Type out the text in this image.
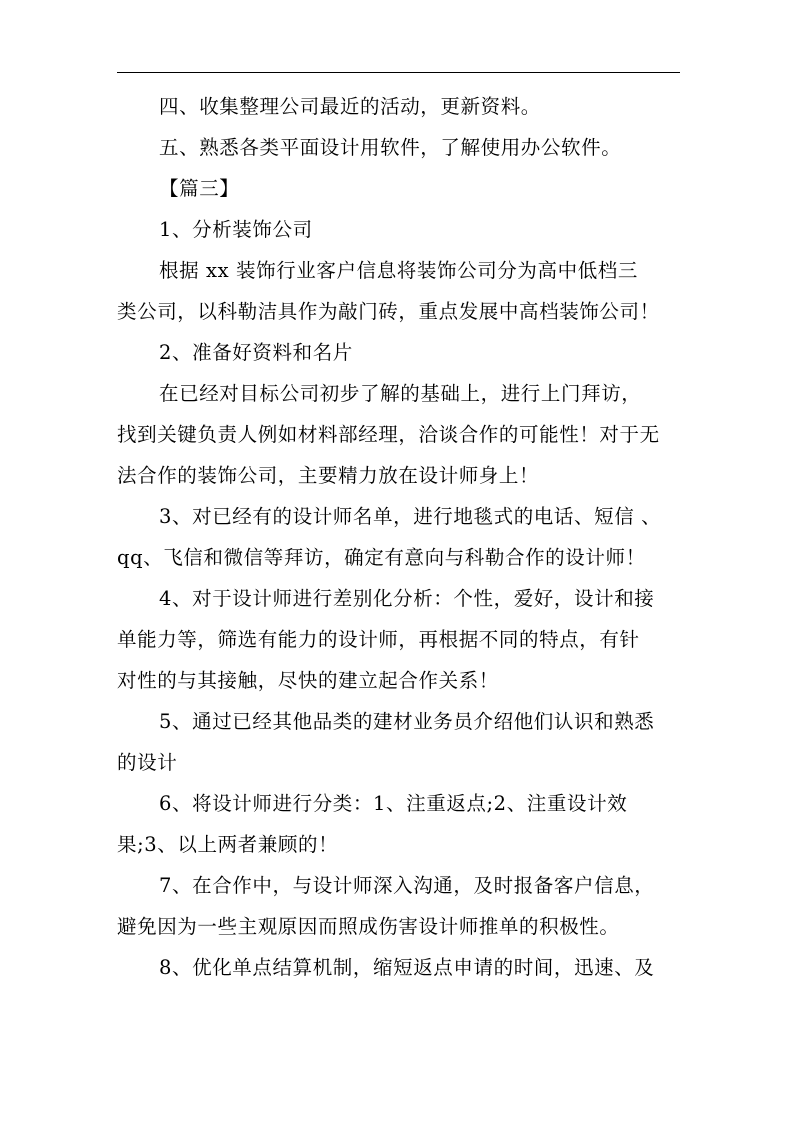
四、收集整理公司最近的活动，更新资料。
五、熟悉各类平面设计用软件，了解使用办公软件。
【篇三】
1、分析装饰公司
根据 xx 装饰行业客户信息将装饰公司分为高中低档三
类公司，以科勒洁具作为敲门砖，重点发展中高档装饰公司！
2、准备好资料和名片
在已经对目标公司初步了解的基础上，进行上门拜访，
找到关键负责人例如材料部经理，洽谈合作的可能性！对于无
法合作的装饰公司，主要精力放在设计师身上！
3、对已经有的设计师名单，进行地毯式的电话、短信 、
qq、飞信和微信等拜访，确定有意向与科勒合作的设计师！
4、对于设计师进行差别化分析：个性，爱好，设计和接
单能力等，筛选有能力的设计师，再根据不同的特点，有针
对性的与其接触，尽快的建立起合作关系！
5、通过已经其他品类的建材业务员介绍他们认识和熟悉
的设计
6、将设计师进行分类：1、注重返点;2、注重设计效
果;3、以上两者兼顾的！
7、在合作中，与设计师深入沟通，及时报备客户信息，
避免因为一些主观原因而照成伤害设计师推单的积极性。
8、优化单点结算机制，缩短返点申请的时间，迅速、及
